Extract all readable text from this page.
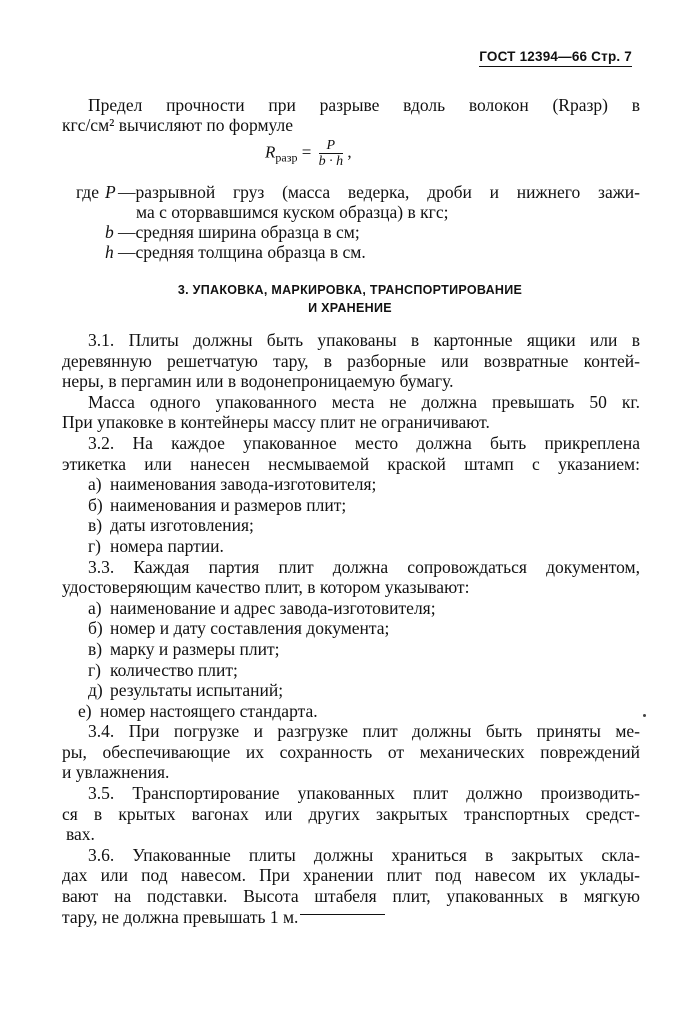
ГОСТ 12394—66 Стр. 7
Предел прочности при разрыве вдоль волокон (Rразр) в
кгс/см² вычисляют по формуле
$R_{разр} = \frac{P}{b \cdot h}$ ,
где P —разрывной груз (масса ведерка, дроби и нижнего зажи-
ма с оторвавшимся куском образца) в кгс;
b —средняя ширина образца в см;
h —средняя толщина образца в см.
3. УПАКОВКА, МАРКИРОВКА, ТРАНСПОРТИРОВАНИЕ
И ХРАНЕНИЕ
3.1. Плиты должны быть упакованы в картонные ящики или в
деревянную решетчатую тару, в разборные или возвратные контей-
неры, в пергамин или в водонепроницаемую бумагу.
Масса одного упакованного места не должна превышать 50 кг.
При упаковке в контейнеры массу плит не ограничивают.
3.2. На каждое упакованное место должна быть прикреплена
этикетка или нанесен несмываемой краской штамп с указанием:
а) наименования завода-изготовителя;
б) наименования и размеров плит;
в) даты изготовления;
г) номера партии.
3.3. Каждая партия плит должна сопровождаться документом,
удостоверяющим качество плит, в котором указывают:
а) наименование и адрес завода-изготовителя;
б) номер и дату составления документа;
в) марку и размеры плит;
г) количество плит;
д) результаты испытаний;
е) номер настоящего стандарта.
3.4. При погрузке и разгрузке плит должны быть приняты ме-
ры, обеспечивающие их сохранность от механических повреждений
и увлажнения.
3.5. Транспортирование упакованных плит должно производить-
ся в крытых вагонах или других закрытых транспортных средст-
вах.
3.6. Упакованные плиты должны храниться в закрытых скла-
дах или под навесом. При хранении плит под навесом их уклады-
вают на подставки. Высота штабеля плит, упакованных в мягкую
тару, не должна превышать 1 м.
